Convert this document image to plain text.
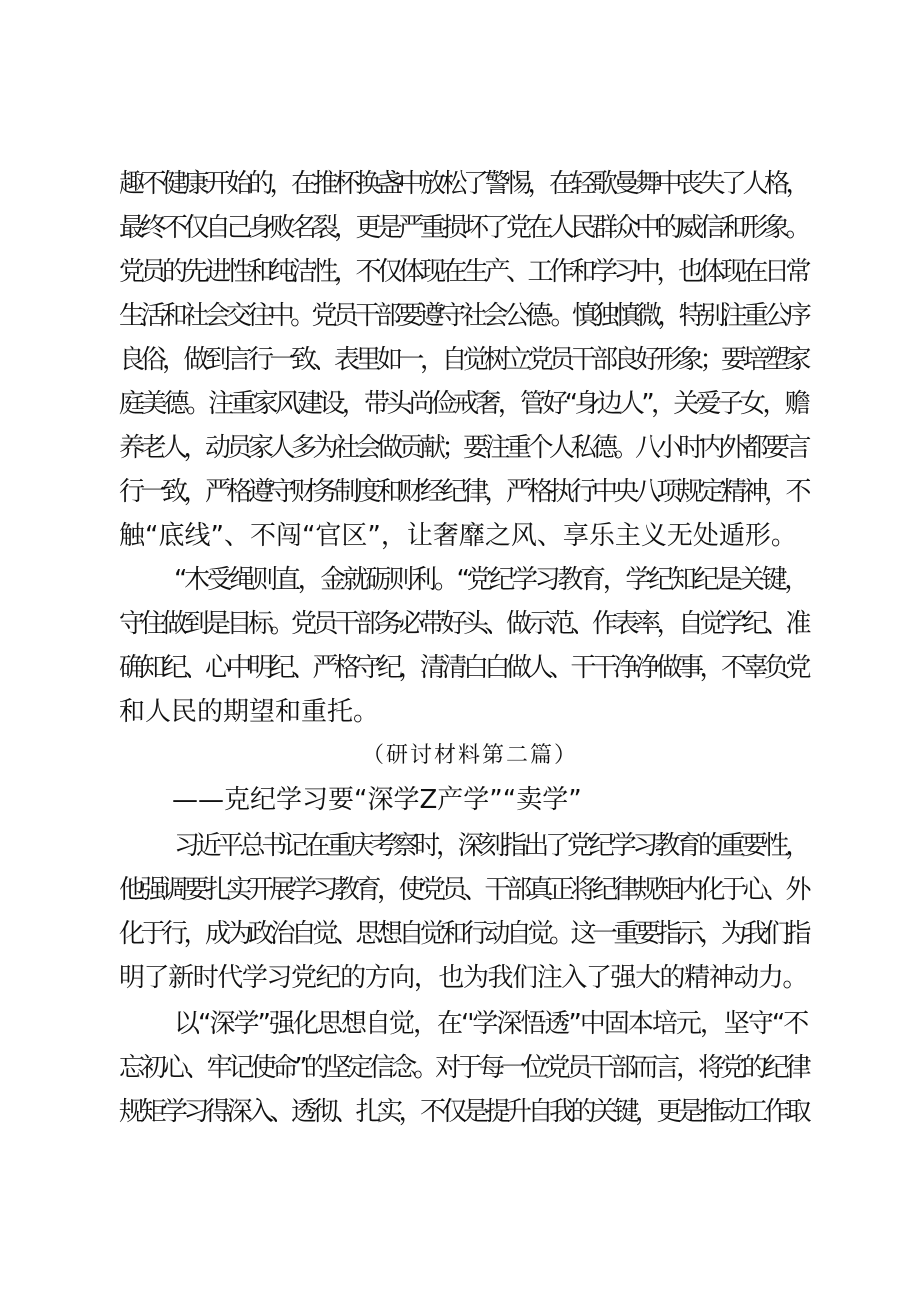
趣不健康开始的，在推杯换盏中放松了警惕，在轻歌曼舞中丧失了人格，
最终不仅自己身败名裂，更是严重损坏了党在人民群众中的威信和形象。
党员的先进性和纯洁性，不仅体现在生产、工作和学习中，也体现在日常
生活和社会交往中。党员干部要遵守社会公德·。慎独慎微，特别注重公序
良俗，做到言行一致、表里如一，自觉树立党员干部良好形象；要培塑家
庭美德。注重家风建设，带头尚俭戒奢，管好“身边人”，关爱子女，赡
养老人，动员家人多为社会做贡献；要注重个人私德。八小时内外都要言
行一致，严格遵守财务制度和财经纪律，严格执行中央八项规定精神，不
触“底线”、不闯“官区”，让奢靡之风、享乐主义无处遁形。
“木受绳则直，金就砺则利。“党纪学习教育，学纪知纪是关键，
守住做到是目标。党员干部务必带好头、做示范、作表率，自觉学纪、准
确知纪、心中明纪、严格守纪，清清白白做人、干干净净做事，不辜负党
和人民的期望和重托。
（研讨材料第二篇）
——克纪学习要“深学Z产学”“卖学”
习近平总书记在重庆考察时，深刻指出了党纪学习教育的重要性，
他强调要扎实开展学习教育，使党员、干部真正将纪律规矩内化于心、外
化于行，成为政治自觉、思想自觉和行动自觉。这一重要指示，为我们指
明了新时代学习党纪的方向，也为我们注入了强大的精神动力。
以“深学”强化思想自觉，在‘'学深悟透”中固本培元，坚守“不
忘初心、牢记使命”的坚定信念。对于每一位党员干部而言，将党的纪律
规矩学习得深入、透彻、扎实，不仅是提升自我的关键，更是推动工作取
